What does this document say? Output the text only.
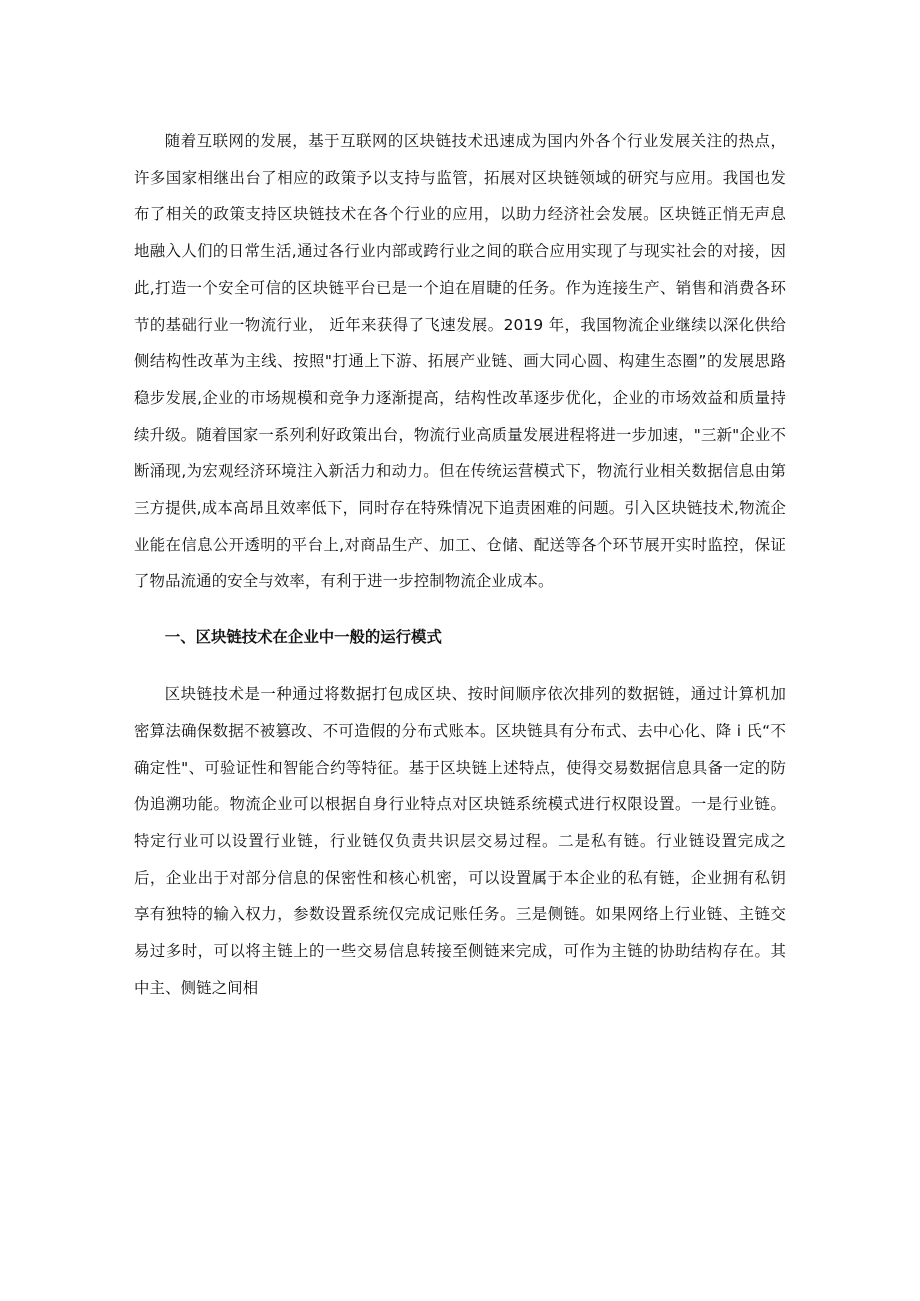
随着互联网的发展，基于互联网的区块链技术迅速成为国内外各个行业发展关注的热点，许多国家相继出台了相应的政策予以支持与监管，拓展对区块链领域的研究与应用。我国也发布了相关的政策支持区块链技术在各个行业的应用，以助力经济社会发展。区块链正悄无声息地融入人们的日常生活,通过各行业内部或跨行业之间的联合应用实现了与现实社会的对接，因此,打造一个安全可信的区块链平台已是一个迫在眉睫的任务。作为连接生产、销售和消费各环节的基础行业一物流行业， 近年来获得了飞速发展。2019 年，我国物流企业继续以深化供给侧结构性改革为主线、按照"打通上下游、拓展产业链、画大同心圆、构建生态圈”的发展思路稳步发展,企业的市场规模和竞争力逐渐提高，结构性改革逐步优化，企业的市场效益和质量持续升级。随着国家一系列利好政策出台，物流行业高质量发展进程将进一步加速，"三新"企业不断涌现,为宏观经济环境注入新活力和动力。但在传统运营模式下，物流行业相关数据信息由第三方提供,成本高昂且效率低下，同时存在特殊情况下追责困难的问题。引入区块链技术,物流企业能在信息公开透明的平台上,对商品生产、加工、仓储、配送等各个环节展开实时监控，保证了物品流通的安全与效率，有利于进一步控制物流企业成本。

一、区块链技术在企业中一般的运行模式

区块链技术是一种通过将数据打包成区块、按时间顺序依次排列的数据链，通过计算机加密算法确保数据不被篡改、不可造假的分布式账本。区块链具有分布式、去中心化、降 i 氏“不确定性"、可验证性和智能合约等特征。基于区块链上述特点，使得交易数据信息具备一定的防伪追溯功能。物流企业可以根据自身行业特点对区块链系统模式进行权限设置。一是行业链。特定行业可以设置行业链，行业链仅负责共识层交易过程。二是私有链。行业链设置完成之后，企业出于对部分信息的保密性和核心机密，可以设置属于本企业的私有链，企业拥有私钥享有独特的输入权力，参数设置系统仅完成记账任务。三是侧链。如果网络上行业链、主链交易过多时，可以将主链上的一些交易信息转接至侧链来完成，可作为主链的协助结构存在。其中主、侧链之间相
